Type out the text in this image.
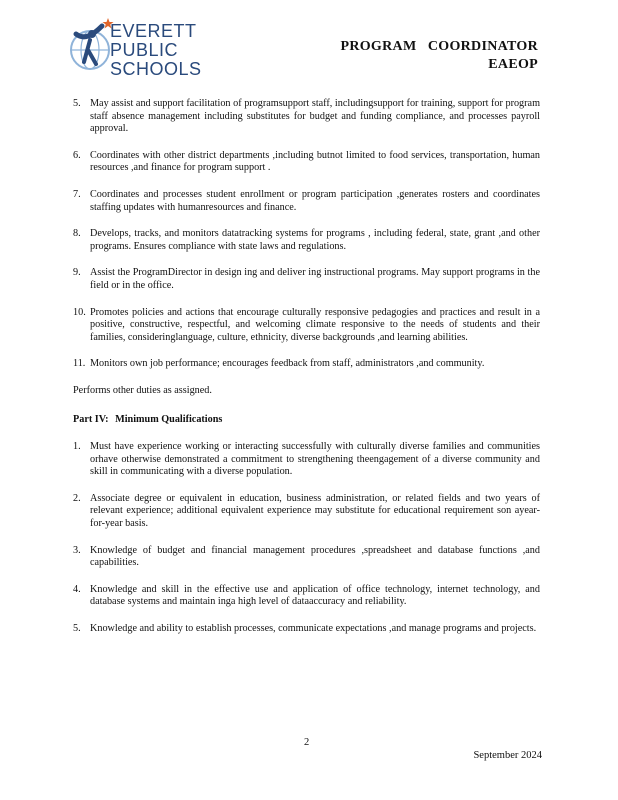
EVERETT
PUBLIC
SCHOOLS
PROGRAM   COORDINATOR
EAEOP
5. May assist and support facilitation of programsupport staff, includingsupport for training, support for program staff absence management including substitutes for budget and funding compliance, and processes payroll approval.
6. Coordinates with other district departments ,including butnot limited to food services, transportation, human resources ,and finance for program support .
7. Coordinates and processes student enrollment or program participation ,generates rosters and coordinates staffing updates with humanresources and finance.
8. Develops, tracks, and monitors datatracking systems for programs , including federal, state, grant ,and other programs. Ensures compliance with state laws and regulations.
9. Assist the ProgramDirector in design ing and deliver ing instructional programs. May support programs in the field or in the office.
10. Promotes policies and actions that encourage culturally responsive pedagogies and practices and result in a positive, constructive, respectful, and welcoming climate responsive to the needs of students and their families, consideringlanguage, culture, ethnicity, diverse backgrounds ,and learning abilities.
11. Monitors own job performance; encourages feedback from staff, administrators ,and community.

Performs other duties as assigned.

Part IV: Minimum Qualifications
1. Must have experience working or interacting successfully with culturally diverse families and communities orhave otherwise demonstrated a commitment to strengthening theengagement of a diverse community and skill in communicating with a diverse population.
2. Associate degree or equivalent in education, business administration, or related fields and two years of relevant experience; additional equivalent experience may substitute for educational requirement son ayear- for-year basis.
3. Knowledge of budget and financial management procedures ,spreadsheet and database functions ,and capabilities.
4. Knowledge and skill in the effective use and application of office technology, internet technology, and database systems and maintain inga high level of dataaccuracy and reliability.
5. Knowledge and ability to establish processes, communicate expectations ,and manage programs and projects.
2
September 2024
